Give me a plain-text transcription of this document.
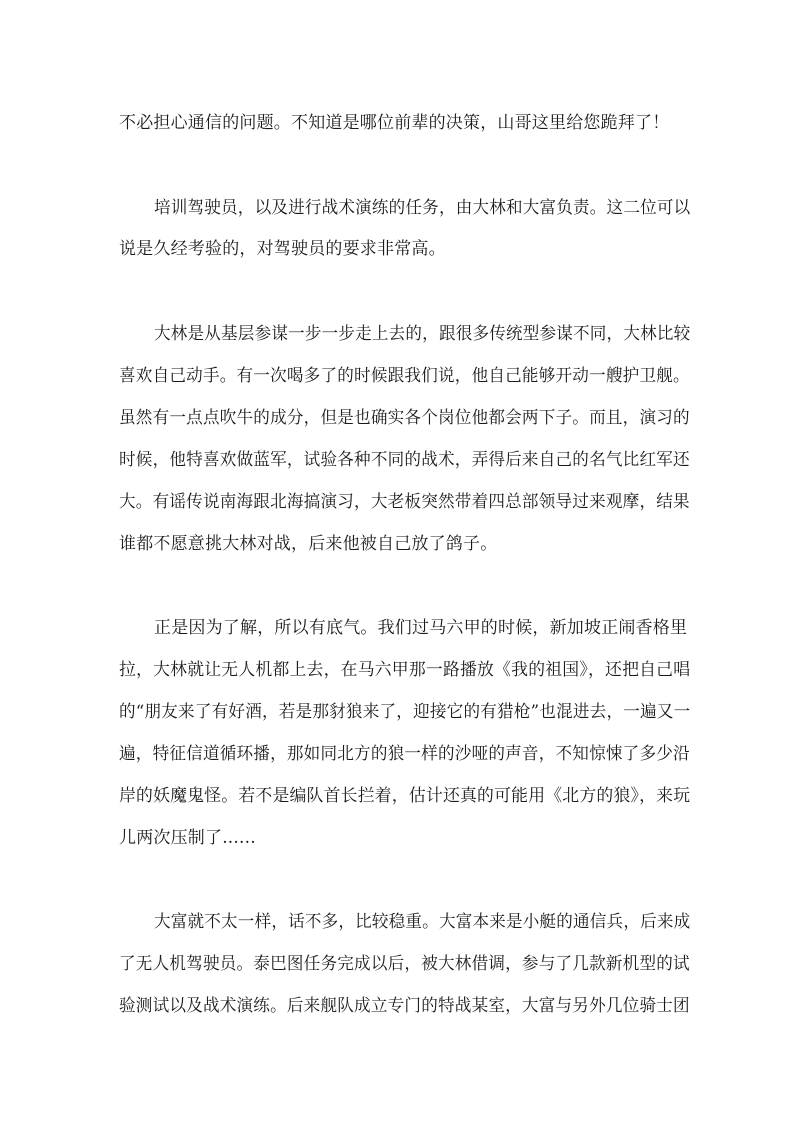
不必担心通信的问题。不知道是哪位前辈的决策，山哥这里给您跪拜了！
培训驾驶员，以及进行战术演练的任务，由大林和大富负责。这二位可以
说是久经考验的，对驾驶员的要求非常高。
大林是从基层参谋一步一步走上去的，跟很多传统型参谋不同，大林比较
喜欢自己动手。有一次喝多了的时候跟我们说，他自己能够开动一艘护卫舰。
虽然有一点点吹牛的成分，但是也确实各个岗位他都会两下子。而且，演习的
时候，他特喜欢做蓝军，试验各种不同的战术，弄得后来自己的名气比红军还
大。有谣传说南海跟北海搞演习，大老板突然带着四总部领导过来观摩，结果
谁都不愿意挑大林对战，后来他被自己放了鸽子。
正是因为了解，所以有底气。我们过马六甲的时候，新加坡正闹香格里
拉，大林就让无人机都上去，在马六甲那一路播放《我的祖国》，还把自己唱
的“朋友来了有好酒，若是那豺狼来了，迎接它的有猎枪”也混进去，一遍又一
遍，特征信道循环播，那如同北方的狼一样的沙哑的声音，不知惊悚了多少沿
岸的妖魔鬼怪。若不是编队首长拦着，估计还真的可能用《北方的狼》，来玩
儿两次压制了......
大富就不太一样，话不多，比较稳重。大富本来是小艇的通信兵，后来成
了无人机驾驶员。泰巴图任务完成以后，被大林借调，参与了几款新机型的试
验测试以及战术演练。后来舰队成立专门的特战某室，大富与另外几位骑士团
